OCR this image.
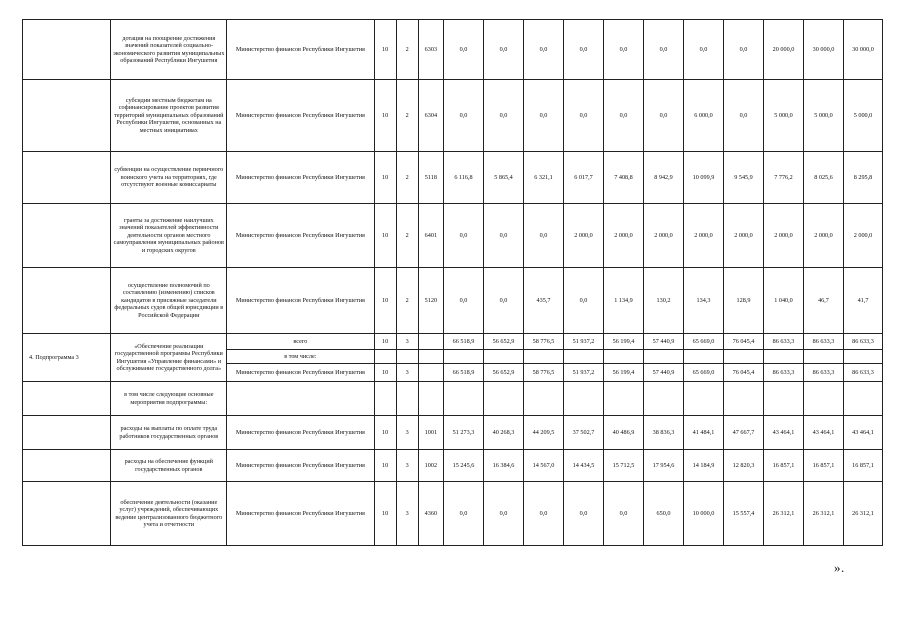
	дотация на поощрение достижения значений показателей социально-экономического развития муниципальных образований Республики Ингушетия	Министерство финансов Республики Ингушетия	10	2	6303	0,0	0,0	0,0	0,0	0,0	0,0	0,0	0,0	20 000,0	30 000,0	30 000,0
	субсидии местным бюджетам на софинансирование проектов развития территорий муниципальных образований Республики Ингушетия, основанных на местных инициативах	Министерство финансов Республики Ингушетия	10	2	6304	0,0	0,0	0,0	0,0	0,0	0,0	6 000,0	0,0	5 000,0	5 000,0	5 000,0
	субвенции на осуществление первичного воинского учета на территориях, где отсутствуют военные комиссариаты	Министерство финансов Республики Ингушетия	10	2	5118	6 116,8	5 865,4	6 321,1	6 017,7	7 408,8	8 942,9	10 099,9	9 545,9	7 776,2	8 025,6	8 295,8
	гранты за достижение наилучших значений показателей эффективности деятельности органов местного самоуправления муниципальных районов и городских округов	Министерство финансов Республики Ингушетия	10	2	6401	0,0	0,0	0,0	2 000,0	2 000,0	2 000,0	2 000,0	2 000,0	2 000,0	2 000,0	2 000,0
	осуществление полномочий по составлению (изменению) списков кандидатов в присяжные заседатели федеральных судов общей юрисдикции в Российской Федерации	Министерство финансов Республики Ингушетия	10	2	5120	0,0	0,0	435,7	0,0	1 134,9	130,2	134,3	128,9	1 040,0	46,7	41,7
4. Подпрограмма 3	«Обеспечение реализации государственной программы Республики Ингушетия «Управление финансами» и обслуживание государственного долга»	всего	10	3		66 518,9	56 652,9	58 776,5	51 937,2	56 199,4	57 440,9	65 669,0	76 045,4	86 633,3	86 633,3	86 633,3
		в том числе:														
		Министерство финансов Республики Ингушетия	10	3		66 518,9	56 652,9	58 776,5	51 937,2	56 199,4	57 440,9	65 669,0	76 045,4	86 633,3	86 633,3	86 633,3
	в том числе следующие основные мероприятия подпрограммы:															
	расходы на выплаты по оплате труда работников государственных органов	Министерство финансов Республики Ингушетия	10	3	1001	51 273,3	40 268,3	44 209,5	37 502,7	40 486,9	38 836,3	41 484,1	47 667,7	43 464,1	43 464,1	43 464,1
	расходы на обеспечение функций государственных органов	Министерство финансов Республики Ингушетия	10	3	1002	15 245,6	16 384,6	14 567,0	14 434,5	15 712,5	17 954,6	14 184,9	12 820,3	16 857,1	16 857,1	16 857,1
	обеспечение деятельности (оказание услуг) учреждений, обеспечивающих ведение централизованного бюджетного учета и отчетности	Министерство финансов Республики Ингушетия	10	3	4360	0,0	0,0	0,0	0,0	0,0	650,0	10 000,0	15 557,4	26 312,1	26 312,1	26 312,1
».
